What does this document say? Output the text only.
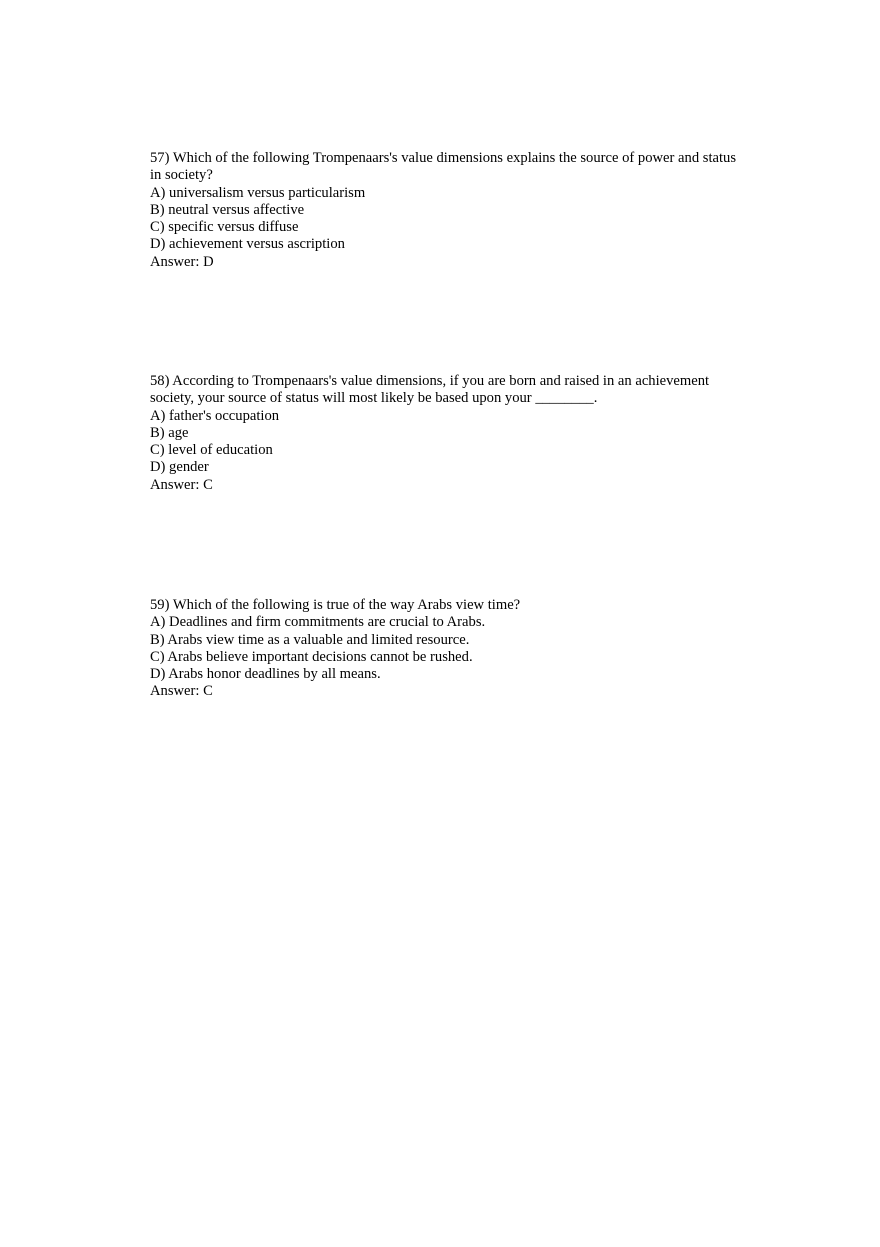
57) Which of the following Trompenaars's value dimensions explains the source of power and status in society?
A) universalism versus particularism
B) neutral versus affective
C) specific versus diffuse
D) achievement versus ascription
Answer: D
58) According to Trompenaars's value dimensions, if you are born and raised in an achievement society, your source of status will most likely be based upon your ________.
A) father's occupation
B) age
C) level of education
D) gender
Answer: C
59) Which of the following is true of the way Arabs view time?
A) Deadlines and firm commitments are crucial to Arabs.
B) Arabs view time as a valuable and limited resource.
C) Arabs believe important decisions cannot be rushed.
D) Arabs honor deadlines by all means.
Answer: C
